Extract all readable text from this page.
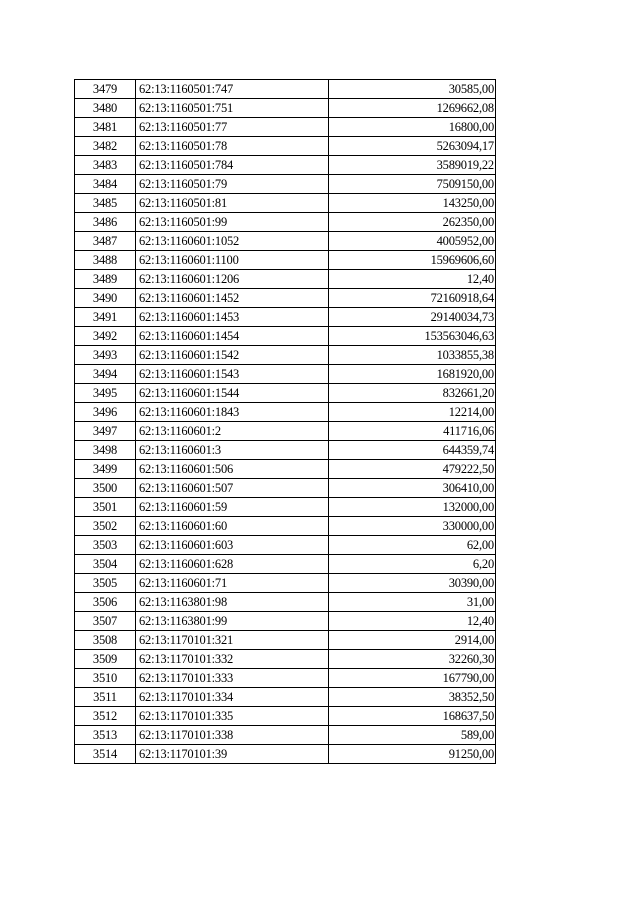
3479	62:13:1160501:747	30585,00
3480	62:13:1160501:751	1269662,08
3481	62:13:1160501:77	16800,00
3482	62:13:1160501:78	5263094,17
3483	62:13:1160501:784	3589019,22
3484	62:13:1160501:79	7509150,00
3485	62:13:1160501:81	143250,00
3486	62:13:1160501:99	262350,00
3487	62:13:1160601:1052	4005952,00
3488	62:13:1160601:1100	15969606,60
3489	62:13:1160601:1206	12,40
3490	62:13:1160601:1452	72160918,64
3491	62:13:1160601:1453	29140034,73
3492	62:13:1160601:1454	153563046,63
3493	62:13:1160601:1542	1033855,38
3494	62:13:1160601:1543	1681920,00
3495	62:13:1160601:1544	832661,20
3496	62:13:1160601:1843	12214,00
3497	62:13:1160601:2	411716,06
3498	62:13:1160601:3	644359,74
3499	62:13:1160601:506	479222,50
3500	62:13:1160601:507	306410,00
3501	62:13:1160601:59	132000,00
3502	62:13:1160601:60	330000,00
3503	62:13:1160601:603	62,00
3504	62:13:1160601:628	6,20
3505	62:13:1160601:71	30390,00
3506	62:13:1163801:98	31,00
3507	62:13:1163801:99	12,40
3508	62:13:1170101:321	2914,00
3509	62:13:1170101:332	32260,30
3510	62:13:1170101:333	167790,00
3511	62:13:1170101:334	38352,50
3512	62:13:1170101:335	168637,50
3513	62:13:1170101:338	589,00
3514	62:13:1170101:39	91250,00
